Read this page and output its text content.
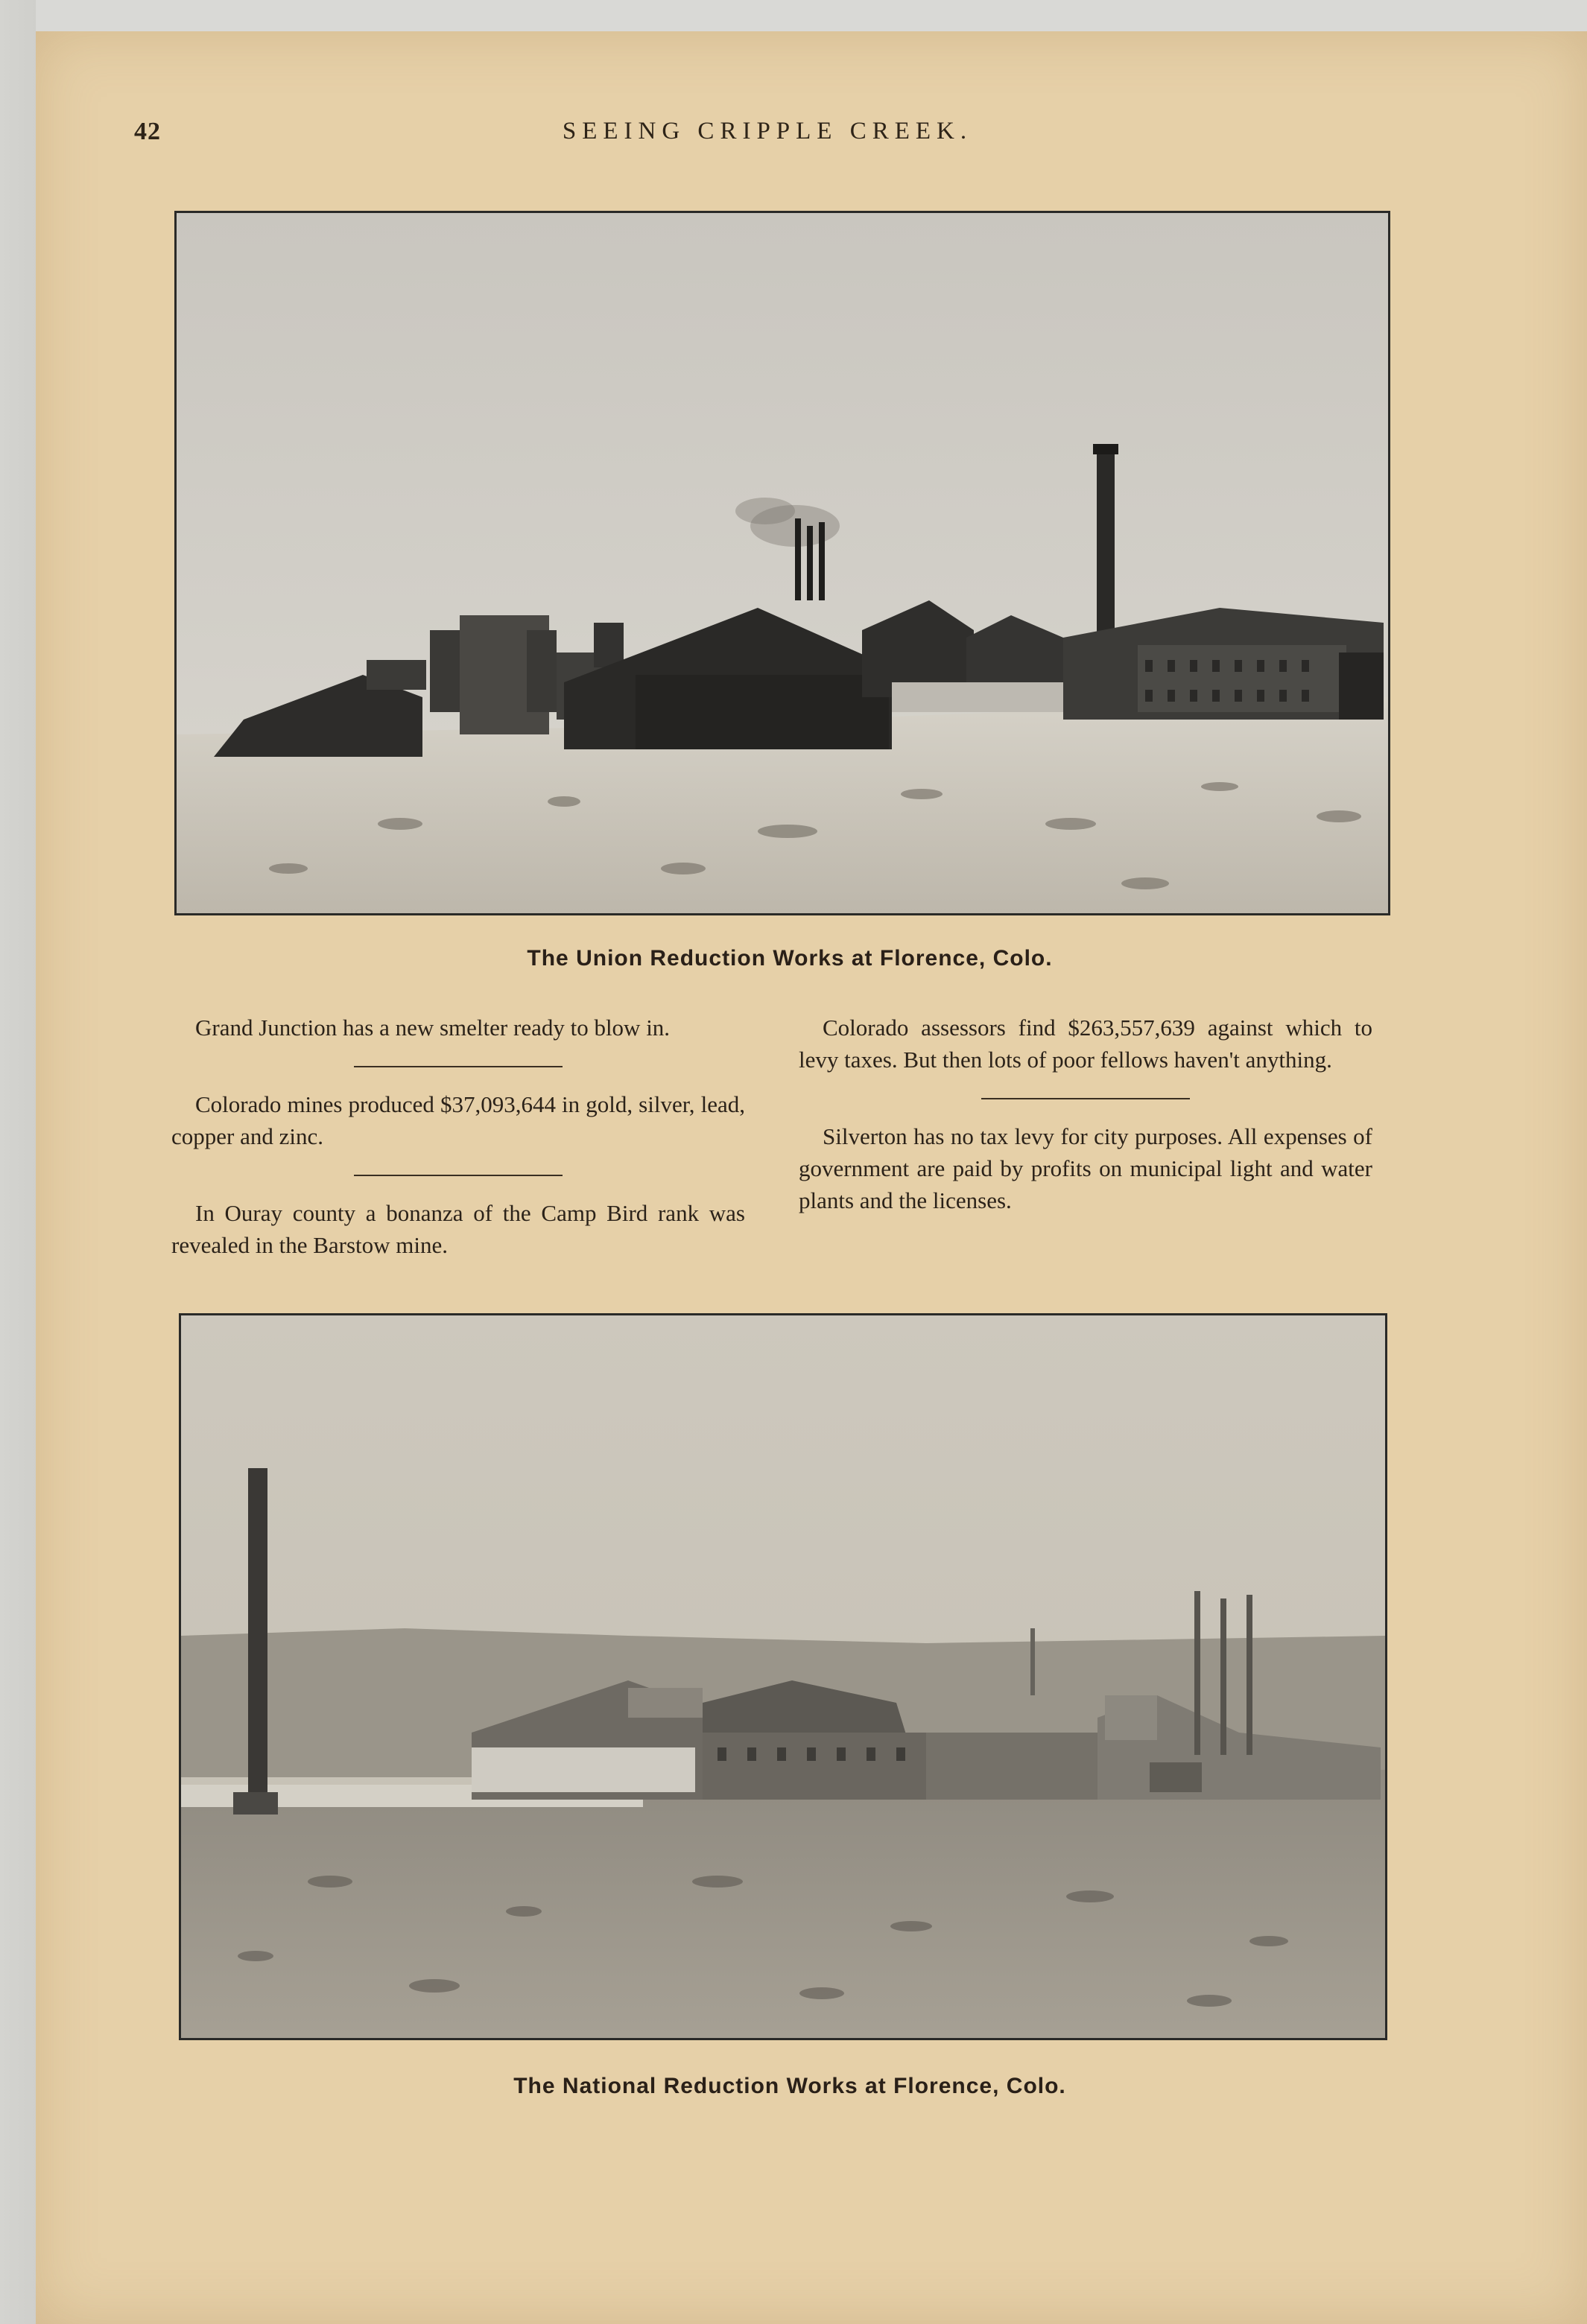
42	SEEING CRIPPLE CREEK.
The Union Reduction Works at Florence, Colo.

Grand Junction has a new smelter ready to blow in.

Colorado mines produced $37,093,644 in gold, silver, lead, copper and zinc.

In Ouray county a bonanza of the Camp Bird rank was revealed in the Barstow mine.

Colorado assessors find $263,557,639 against which to levy taxes. But then lots of poor fellows haven't anything.

Silverton has no tax levy for city purposes. All expenses of government are paid by profits on municipal light and water plants and the licenses.

The National Reduction Works at Florence, Colo.
